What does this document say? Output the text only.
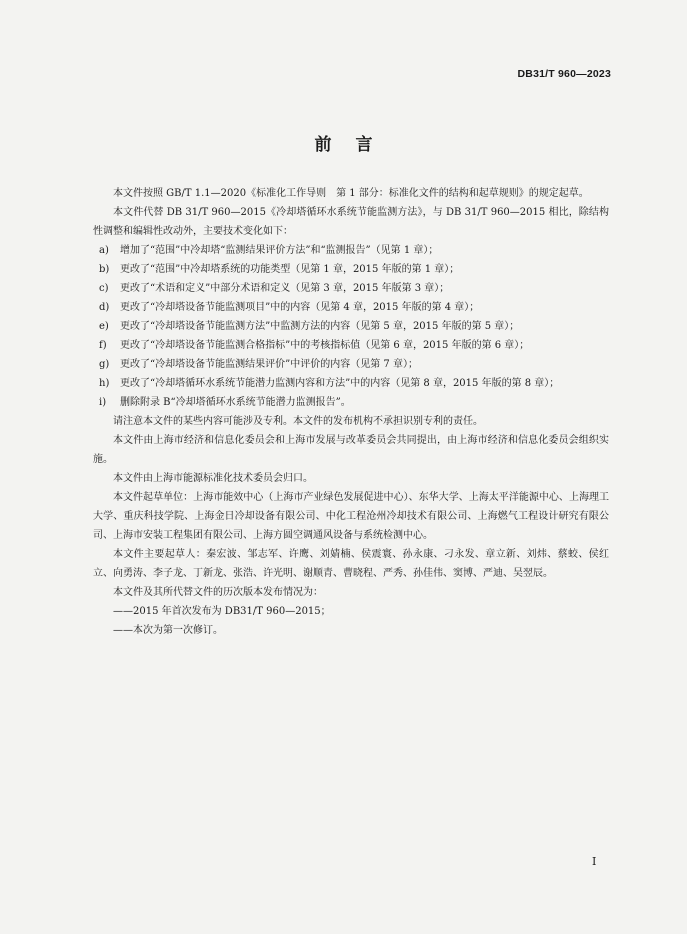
DB31/T 960—2023
前言

本文件按照 GB/T 1.1—2020《标准化工作导则　第 1 部分：标准化文件的结构和起草规则》的规定起草。

本文件代替 DB 31/T 960—2015《冷却塔循环水系统节能监测方法》，与 DB 31/T 960—2015 相比，除结构性调整和编辑性改动外，主要技术变化如下：

a) 增加了“范围”中冷却塔“监测结果评价方法”和“监测报告”（见第 1 章）；
b) 更改了“范围”中冷却塔系统的功能类型（见第 1 章，2015 年版的第 1 章）；
c) 更改了“术语和定义”中部分术语和定义（见第 3 章，2015 年版第 3 章）；
d) 更改了“冷却塔设备节能监测项目”中的内容（见第 4 章，2015 年版的第 4 章）；
e) 更改了“冷却塔设备节能监测方法”中监测方法的内容（见第 5 章，2015 年版的第 5 章）；
f) 更改了“冷却塔设备节能监测合格指标”中的考核指标值（见第 6 章，2015 年版的第 6 章）；
g) 更改了“冷却塔设备节能监测结果评价”中评价的内容（见第 7 章）；
h) 更改了“冷却塔循环水系统节能潜力监测内容和方法”中的内容（见第 8 章，2015 年版的第 8 章）；
i) 删除附录 B“冷却塔循环水系统节能潜力监测报告”。

请注意本文件的某些内容可能涉及专利。本文件的发布机构不承担识别专利的责任。

本文件由上海市经济和信息化委员会和上海市发展与改革委员会共同提出，由上海市经济和信息化委员会组织实施。

本文件由上海市能源标准化技术委员会归口。

本文件起草单位：上海市能效中心（上海市产业绿色发展促进中心）、东华大学、上海太平洋能源中心、上海理工大学、重庆科技学院、上海金日冷却设备有限公司、中化工程沧州冷却技术有限公司、上海燃气工程设计研究有限公司、上海市安装工程集团有限公司、上海方圆空调通风设备与系统检测中心。

本文件主要起草人：秦宏波、邹志军、许鹰、刘婧楠、侯震寰、孙永康、刁永发、章立新、刘炜、蔡蛟、侯红立、向勇涛、李子龙、丁新龙、张浩、许光明、谢顺青、曹晓程、严秀、孙佳伟、窦博、严迪、吴翌辰。

本文件及其所代替文件的历次版本发布情况为：

——2015 年首次发布为 DB31/T 960—2015；

——本次为第一次修订。

I
